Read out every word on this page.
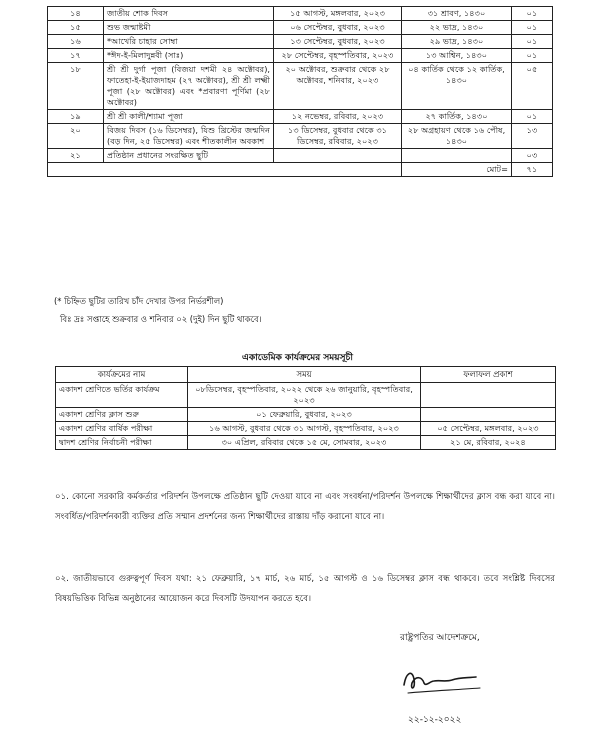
১৪	জাতীয় শোক দিবস	১৫ আগস্ট, মঙ্গলবার, ২০২৩	৩১ শ্রাবণ, ১৪৩০	০১
১৫	শুভ জন্মাষ্টমী	০৬ সেপ্টেম্বর, বুধবার, ২০২৩	২২ ভাদ্র, ১৪৩০	০১
১৬	*আখেরি চাহার সোম্বা	১৩ সেপ্টেম্বর, বুধবার, ২০২৩	২৯ ভাদ্র, ১৪৩০	০১
১৭	*ঈদ-ই-মিলাদুন্নবী (সাঃ)	২৮ সেপ্টেম্বর, বৃহস্পতিবার, ২০২৩	১৩ আশ্বিন, ১৪৩০	০১
১৮	শ্রী শ্রী দুর্গা পূজা (বিজয়া দশমী ২৪ অক্টোবর), ফাতেহা-ই-ইয়াজদাহম (২৭ অক্টোবর), শ্রী শ্রী লক্ষ্মী পূজা (২৮ অক্টোবর) এবং *প্রবারণা পূর্ণিমা (২৮ অক্টোবর)	২০ অক্টোবর, শুক্রবার থেকে ২৮ অক্টোবর, শনিবার, ২০২৩	০৪ কার্তিক থেকে ১২ কার্তিক, ১৪৩০	০৫
১৯	শ্রী শ্রী কালী/শ্যামা পূজা	১২ নভেম্বর, রবিবার, ২০২৩	২৭ কার্তিক, ১৪৩০	০১
২০	বিজয় দিবস (১৬ ডিসেম্বর), যিশু খ্রিস্টের জন্মদিন (বড় দিন, ২৫ ডিসেম্বর) এবং শীতকালীন অবকাশ	১৩ ডিসেম্বর, বুধবার থেকে ৩১ ডিসেম্বর, রবিবার, ২০২৩	২৮ অগ্রহায়ণ থেকে ১৬ পৌষ, ১৪৩০	১৩
২১	প্রতিষ্ঠান প্রধানের সংরক্ষিত ছুটি			০৩
			মোট=	৭১
(* চিহ্নিত ছুটির তারিখ চাঁদ দেখার উপর নির্ভরশীল)
বিঃ দ্রঃ সপ্তাহে শুক্রবার ও শনিবার ০২ (দুই) দিন ছুটি থাকবে।
একাডেমিক কার্যক্রমের সময়সূচী
কার্যক্রমের নাম	সময়	ফলাফল প্রকাশ
একাদশ শ্রেণিতে ভর্তির কার্যক্রম	০৮ডিসেম্বর, বৃহস্পতিবার, ২০২২ থেকে ২৬ জানুয়ারি, বৃহস্পতিবার, ২০২৩	
একাদশ শ্রেণির ক্লাস শুরু	০১ ফেব্রুয়ারি, বুধবার, ২০২৩	
একাদশ শ্রেণির বার্ষিক পরীক্ষা	১৬ আগস্ট, বুধবার থেকে ৩১ আগস্ট, বৃহস্পতিবার, ২০২৩	০৫ সেপ্টেম্বর, মঙ্গলবার, ২০২৩
দ্বাদশ শ্রেণির নির্বাচনী পরীক্ষা	৩০ এপ্রিল, রবিবার থেকে ১৫ মে, সোমবার, ২০২৩	২১ মে, রবিবার, ২০২৪
০১. কোনো সরকারি কর্মকর্তার পরিদর্শন উপলক্ষে প্রতিষ্ঠান ছুটি দেওয়া যাবে না এবং সংবর্ধনা/পরিদর্শন উপলক্ষে শিক্ষার্থীদের ক্লাস বন্ধ করা যাবে না। সংবর্ধিত/পরিদর্শনকারী ব্যক্তির প্রতি সম্মান প্রদর্শনের জন্য শিক্ষার্থীদের রাস্তায় দাঁড় করানো যাবে না।
০২. জাতীয়ভাবে গুরুত্বপূর্ণ দিবস যথা: ২১ ফেব্রুয়ারি, ১৭ মার্চ, ২৬ মার্চ, ১৫ আগস্ট ও ১৬ ডিসেম্বর ক্লাস বন্ধ থাকবে। তবে সংশ্লিষ্ট দিবসের বিষয়ভিত্তিক বিভিন্ন অনুষ্ঠানের আয়োজন করে দিবসটি উদযাপন করতে হবে।
রাষ্ট্রপতির আদেশক্রমে,
২২-১২-২০২২
